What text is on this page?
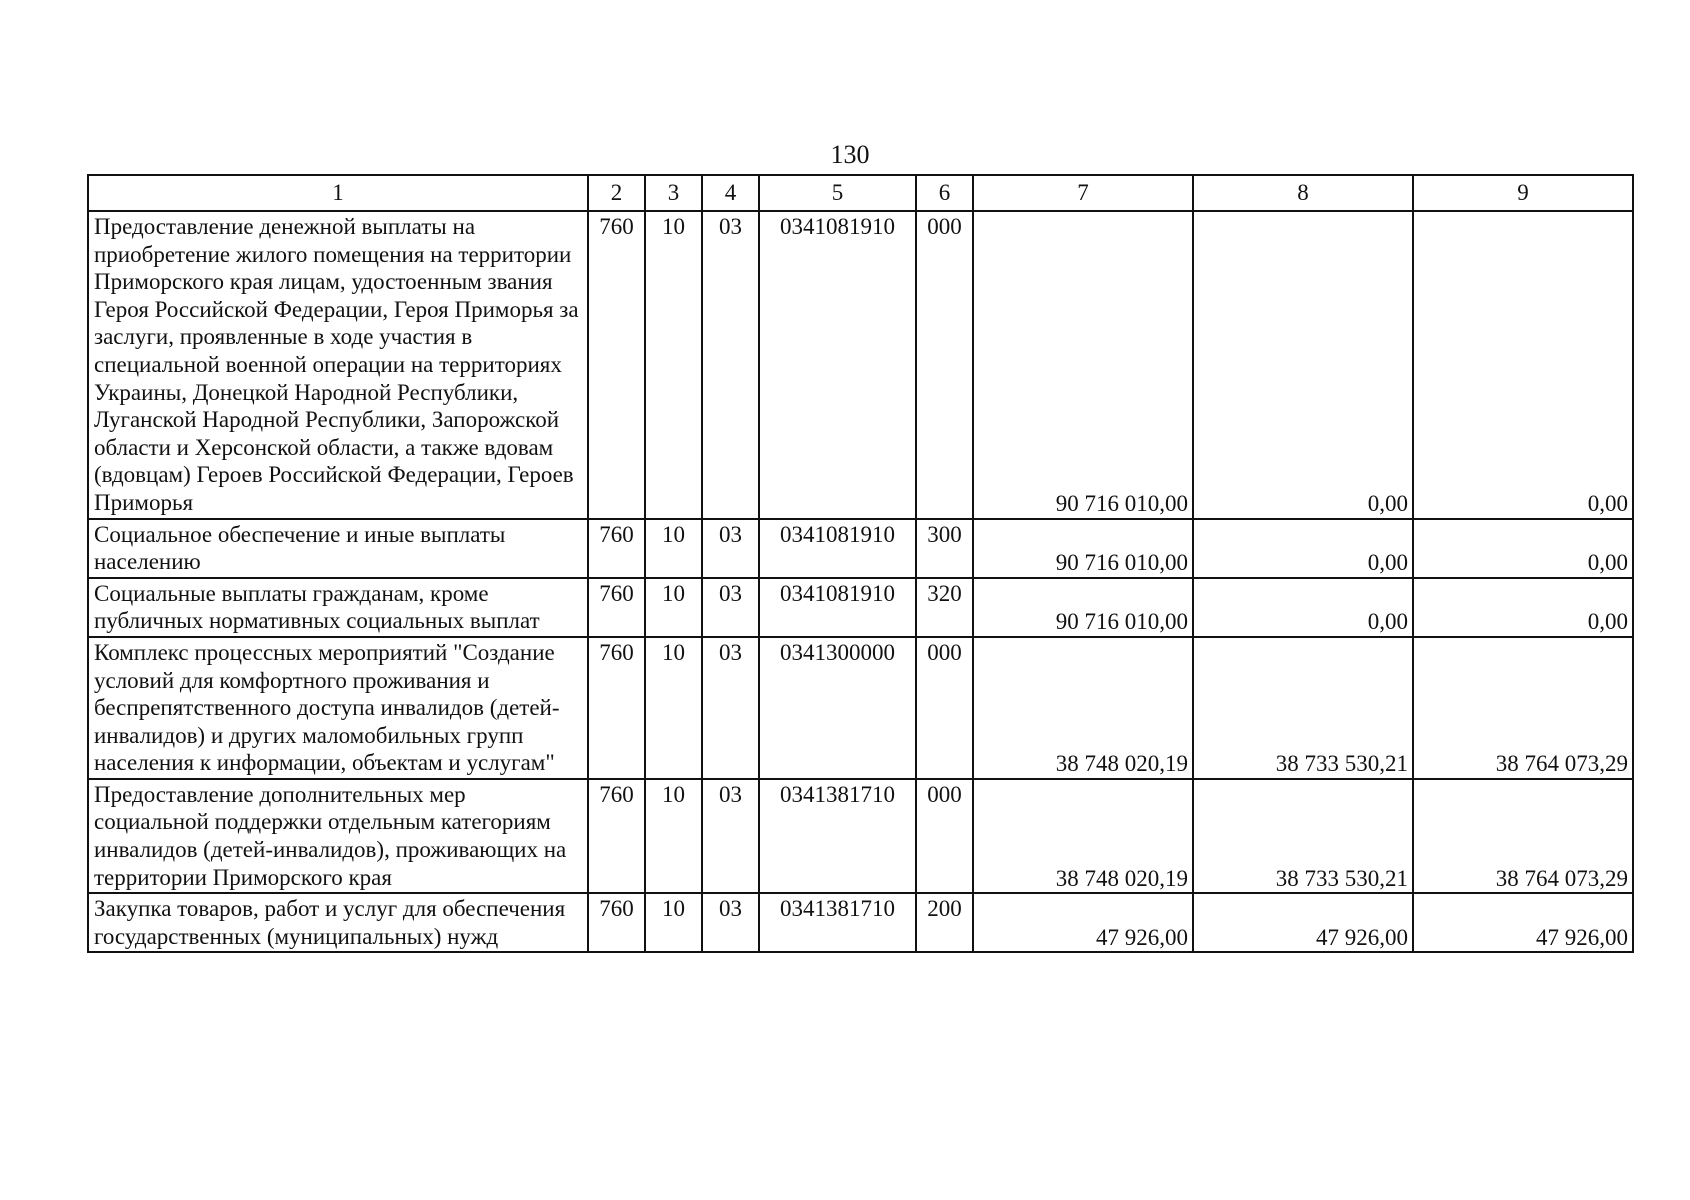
130
1	2	3	4	5	6	7	8	9
Предоставление денежной выплаты на приобретение жилого помещения на территории Приморского края лицам, удостоенным звания Героя Российской Федерации, Героя Приморья за заслуги, проявленные в ходе участия в специальной военной операции на территориях Украины, Донецкой Народной Республики, Луганской Народной Республики, Запорожской области и Херсонской области, а также вдовам (вдовцам) Героев Российской Федерации, Героев Приморья	760	10	03	0341081910	000	90 716 010,00	0,00	0,00
Социальное обеспечение и иные выплаты населению	760	10	03	0341081910	300	90 716 010,00	0,00	0,00
Социальные выплаты гражданам, кроме публичных нормативных социальных выплат	760	10	03	0341081910	320	90 716 010,00	0,00	0,00
Комплекс процессных мероприятий "Создание условий для комфортного проживания и беспрепятственного доступа инвалидов (детей-инвалидов) и других маломобильных групп населения к информации, объектам и услугам"	760	10	03	0341300000	000	38 748 020,19	38 733 530,21	38 764 073,29
Предоставление дополнительных мер социальной поддержки отдельным категориям инвалидов (детей-инвалидов), проживающих на территории Приморского края	760	10	03	0341381710	000	38 748 020,19	38 733 530,21	38 764 073,29
Закупка товаров, работ и услуг для обеспечения государственных (муниципальных) нужд	760	10	03	0341381710	200	47 926,00	47 926,00	47 926,00
